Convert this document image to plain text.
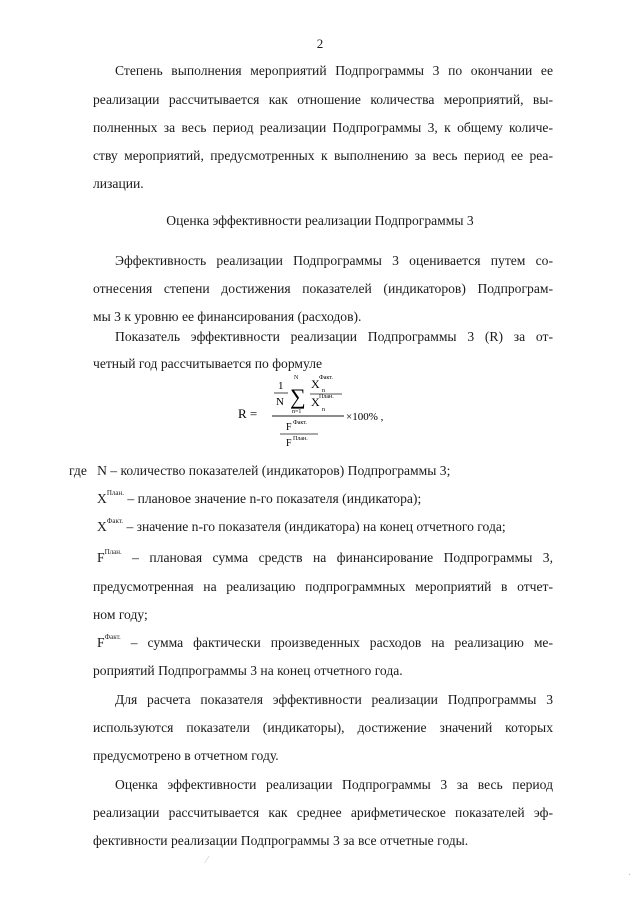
2
Степень выполнения мероприятий Подпрограммы 3 по окончании ее
реализации рассчитывается как отношение количества мероприятий, вы-
полненных за весь период реализации Подпрограммы 3, к общему количе-
ству мероприятий, предусмотренных к выполнению за весь период ее реа-
лизации.
Оценка эффективности реализации Подпрограммы 3
Эффективность реализации Подпрограммы 3 оценивается путем со-
отнесения степени достижения показателей (индикаторов) Подпрограм-
мы 3 к уровню ее финансирования (расходов).
Показатель эффективности реализации Подпрограммы 3 (R) за от-
четный год рассчитывается по формуле
R =
1
N ∑
N
n=1
X Факт.
n
X План.
n
×100% ,
F Факт.
F План.
где N – количество показателей (индикаторов) Подпрограммы 3;
$X^{План.}$ – плановое значение n-го показателя (индикатора);
$X^{Факт.}$ – значение n-го показателя (индикатора) на конец отчетного года;
$F^{План.}$ – плановая сумма средств на финансирование Подпрограммы 3,
предусмотренная на реализацию подпрограммных мероприятий в отчет-
ном году;
$F^{Факт.}$ – сумма фактически произведенных расходов на реализацию ме-
роприятий Подпрограммы 3 на конец отчетного года.
Для расчета показателя эффективности реализации Подпрограммы 3
используются показатели (индикаторы), достижение значений которых
предусмотрено в отчетном году.
Оценка эффективности реализации Подпрограммы 3 за весь период
реализации рассчитывается как среднее арифметическое показателей эф-
фективности реализации Подпрограммы 3 за все отчетные годы.
⁄
·
